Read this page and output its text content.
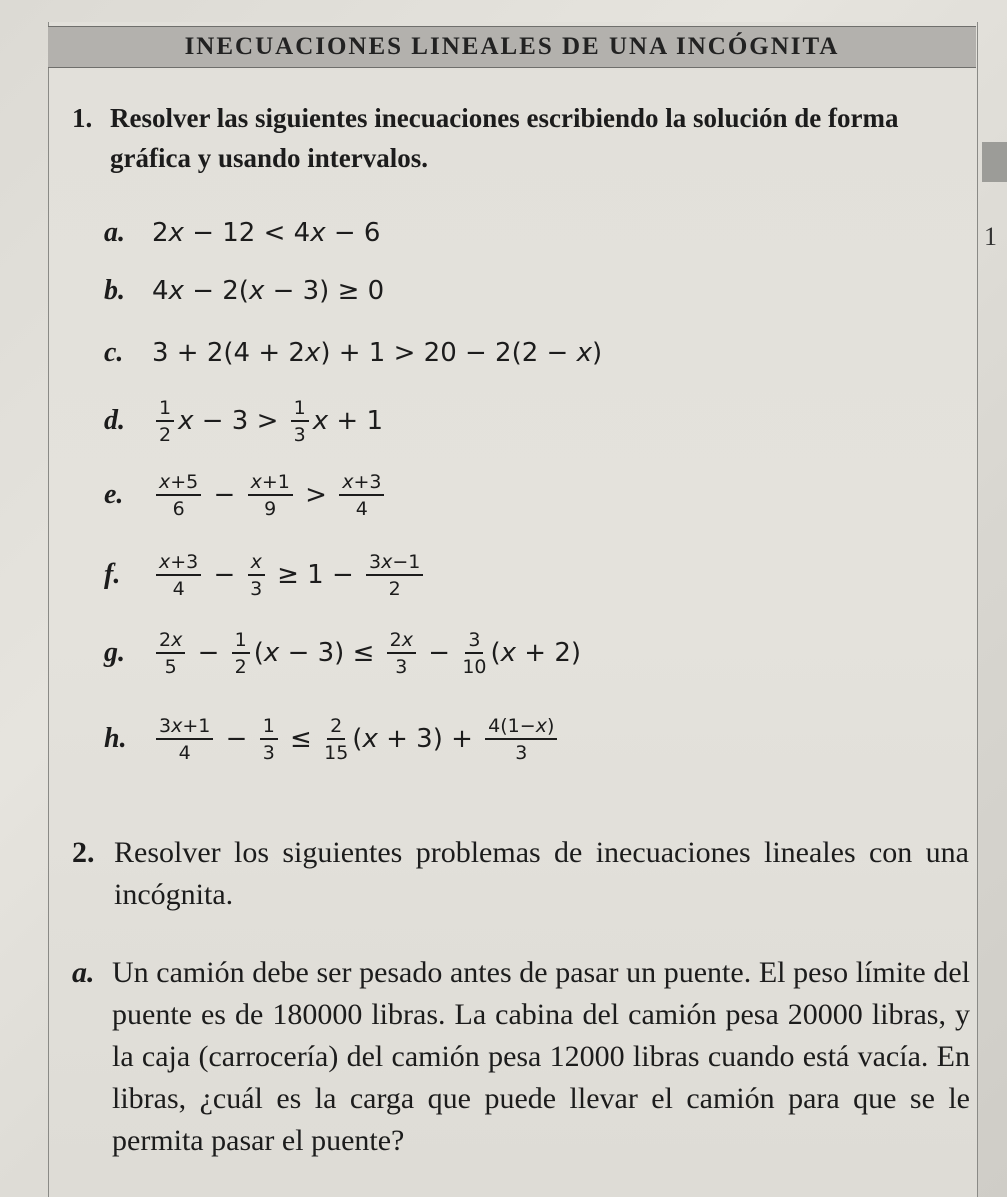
INECUACIONES LINEALES DE UNA INCÓGNITA
1
1. Resolver las siguientes inecuaciones escribiendo la solución de forma gráfica y usando intervalos.
a.	2 x − 12 < 4 x − 6
b.	4 x − 2( x − 3) ≥ 0
c.	3 + 2(4 + 2 x ) + 1 > 20 − 2(2 − x )
d.	$\frac{1}{2}$ $x - 3 > \frac{1}{3}$ x + 1
e.	$\frac{x+5}{6} - \frac{x+1}{9} > \frac{x+3}{4}$
f.	$\frac{x+3}{4} - \frac{x}{3} \ge 1 - \frac{3x-1}{2}$
g.	$\frac{2x}{5} - \frac{1}{2}$ ( $x - 3) \le \frac{2x}{3} - \frac{3}{10}$ ( x + 2)
h.	$\frac{3x+1}{4} - \frac{1}{3} \le \frac{2}{15}$ ( $x + 3) + \frac{4(1-x)}{3}$
2. Resolver los siguientes problemas de inecuaciones lineales con una incógnita.
a. Un camión debe ser pesado antes de pasar un puente. El peso límite del puente es de 180000 libras. La cabina del camión pesa 20000 libras, y la caja (carrocería) del camión pesa 12000 libras cuando está vacía. En libras, ¿cuál es la carga que puede llevar el camión para que se le permita pasar el puente?
